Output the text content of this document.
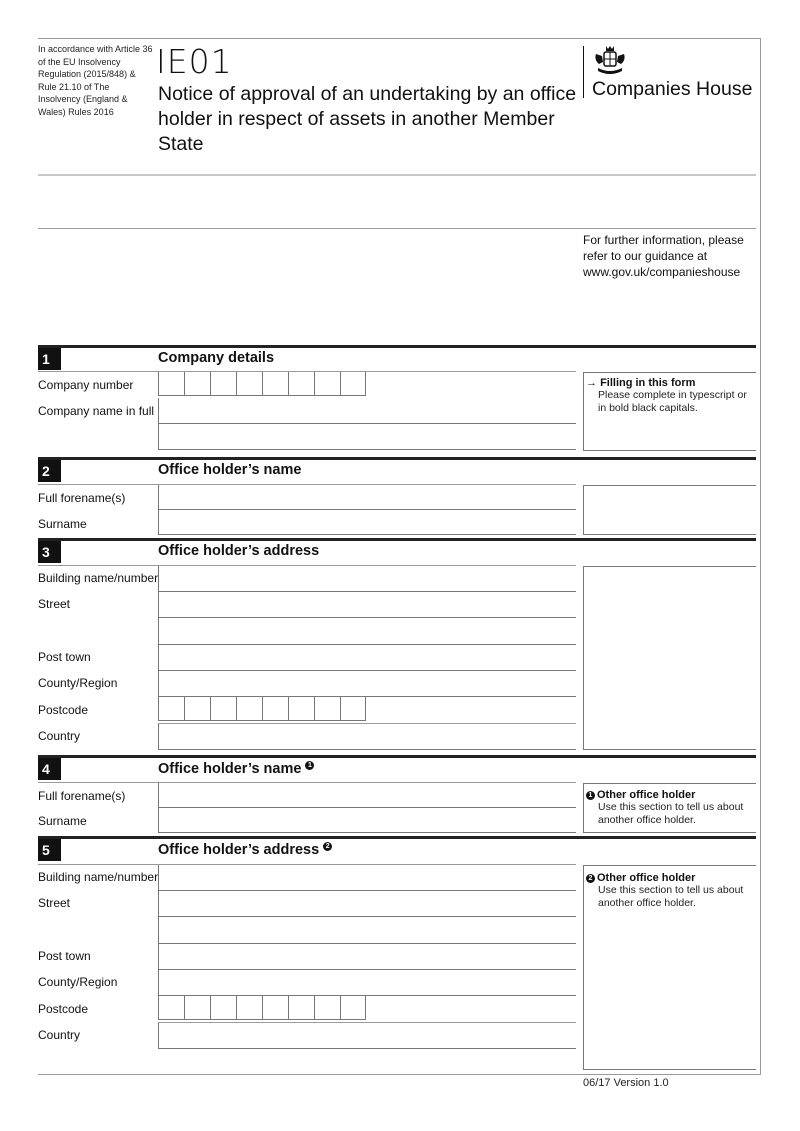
In accordance with Article 36 of the EU Insolvency Regulation (2015/848) & Rule 21.10 of The Insolvency (England & Wales) Rules 2016
IE01
Notice of approval of an undertaking by an office holder in respect of assets in another Member State
Companies House
For further information, please refer to our guidance at www.gov.uk/companieshouse
1	Company details
Company number
Company name in full
→ Filling in this form
Please complete in typescript or in bold black capitals.
2	Office holder’s name
Full forename(s)
Surname
3	Office holder’s address
Building name/number
Street
Post town
County/Region
Postcode
Country
4	Office holder’s name $^1$
Full forename(s)
Surname
1 Other office holder
Use this section to tell us about another office holder.
5	Office holder’s address $^2$
Building name/number
Street
Post town
County/Region
Postcode
Country
2 Other office holder
Use this section to tell us about another office holder.
06/17 Version 1.0
